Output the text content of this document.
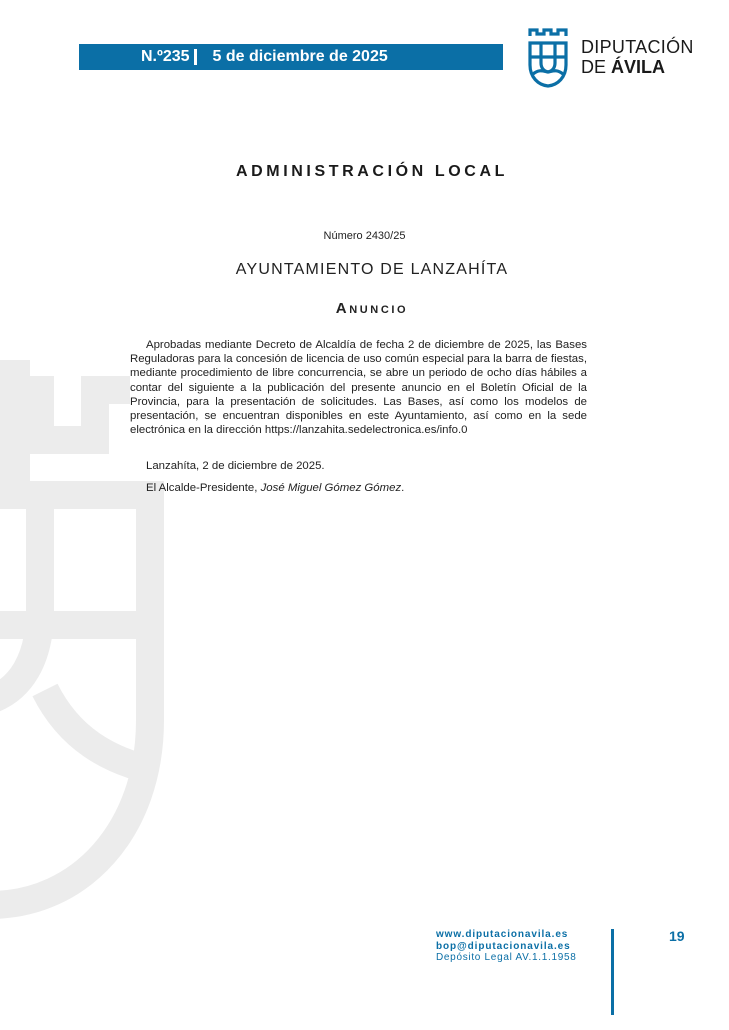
N.º235 5 de diciembre de 2025	DIPUTACIÓN
DE ÁVILA
ADMINISTRACIÓN LOCAL
Número 2430/25
AYUNTAMIENTO DE LANZAHÍTA
Anuncio
Aprobadas mediante Decreto de Alcaldía de fecha 2 de diciembre de 2025, las Bases Reguladoras para la concesión de licencia de uso común especial para la barra de fiestas, mediante procedimiento de libre concurrencia, se abre un periodo de ocho días hábiles a contar del siguiente a la publicación del presente anuncio en el Boletín Oficial de la Provincia, para la presentación de solicitudes. Las Bases, así como los modelos de presentación, se encuentran disponibles en este Ayuntamiento, así como en la sede electrónica en la dirección https://lanzahita.sedelectronica.es/info.0
Lanzahíta, 2 de diciembre de 2025.
El Alcalde-Presidente, José Miguel Gómez Gómez.
www.diputacionavila.es
bop@diputacionavila.es
Depósito Legal AV.1.1.1958
19
